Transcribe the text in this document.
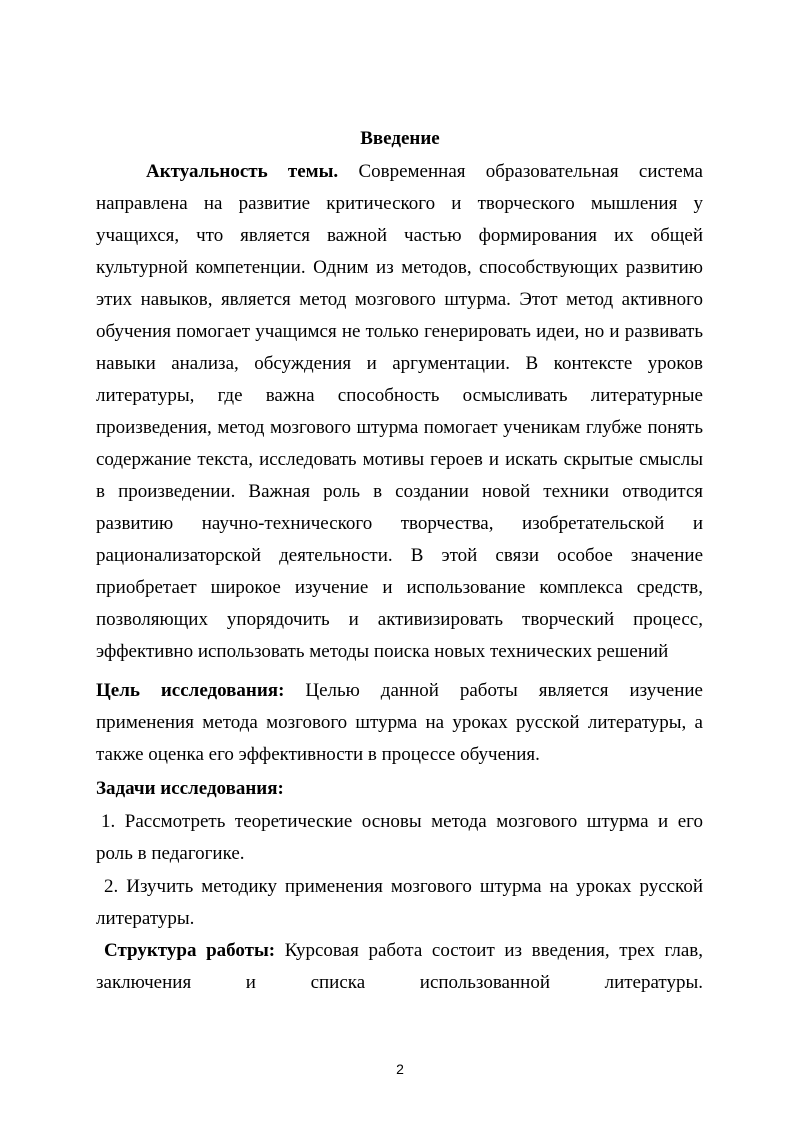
Введение

Актуальность темы. Современная образовательная система направлена на развитие критического и творческого мышления у учащихся, что является важной частью формирования их общей культурной компетенции. Одним из методов, способствующих развитию этих навыков, является метод мозгового штурма. Этот метод активного обучения помогает учащимся не только генерировать идеи, но и развивать навыки анализа, обсуждения и аргументации. В контексте уроков литературы, где важна способность осмысливать литературные произведения, метод мозгового штурма помогает ученикам глубже понять содержание текста, исследовать мотивы героев и искать скрытые смыслы в произведении. Важная роль в создании новой техники отводится развитию научно-технического творчества, изобретательской и рационализаторской деятельности. В этой связи особое значение приобретает широкое изучение и использование комплекса средств, позволяющих упорядочить и активизировать творческий процесс, эффективно использовать методы поиска новых технических решений

Цель исследования: Целью данной работы является изучение применения метода мозгового штурма на уроках русской литературы, а также оценка его эффективности в процессе обучения.

Задачи исследования:

1. Рассмотреть теоретические основы метода мозгового штурма и его роль в педагогике.

2. Изучить методику применения мозгового штурма на уроках русской литературы.

Структура работы: Курсовая работа состоит из введения, трех глав, заключения и списка использованной литературы.

2
